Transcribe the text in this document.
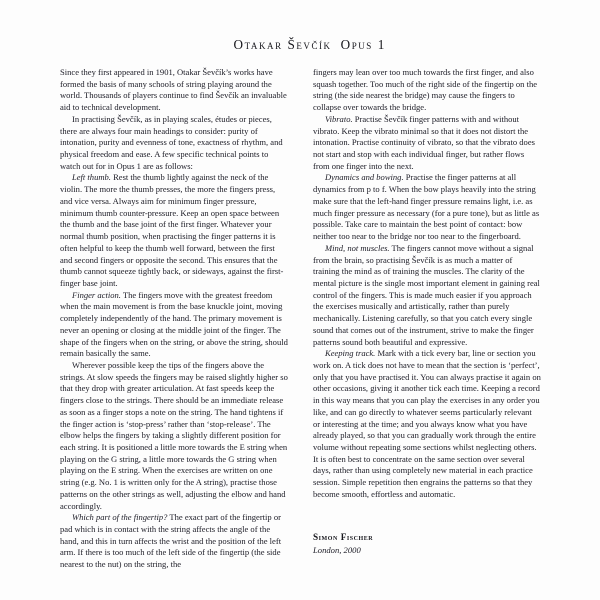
Otakar Ševčík Opus 1

Since they first appeared in 1901, Otakar Ševčík’s works have formed the basis of many schools of string playing around the world. Thousands of players continue to find Ševčík an invaluable aid to technical development.

In practising Ševčík, as in playing scales, études or pieces, there are always four main headings to consider: purity of intonation, purity and evenness of tone, exactness of rhythm, and physical freedom and ease. A few specific technical points to watch out for in Opus 1 are as follows:

Left thumb. Rest the thumb lightly against the neck of the violin. The more the thumb presses, the more the fingers press, and vice versa. Always aim for minimum finger pressure, minimum thumb counter-pressure. Keep an open space between the thumb and the base joint of the first finger. Whatever your normal thumb position, when practising the finger patterns it is often helpful to keep the thumb well forward, between the first and second fingers or opposite the second. This ensures that the thumb cannot squeeze tightly back, or sideways, against the first-finger base joint.

Finger action. The fingers move with the greatest freedom when the main movement is from the base knuckle joint, moving completely independently of the hand. The primary movement is never an opening or closing at the middle joint of the finger. The shape of the fingers when on the string, or above the string, should remain basically the same.

Wherever possible keep the tips of the fingers above the strings. At slow speeds the fingers may be raised slightly higher so that they drop with greater articulation. At fast speeds keep the fingers close to the strings. There should be an immediate release as soon as a finger stops a note on the string. The hand tightens if the finger action is ‘stop-press’ rather than ‘stop-release’. The elbow helps the fingers by taking a slightly different position for each string. It is positioned a little more towards the E string when playing on the G string, a little more towards the G string when playing on the E string. When the exercises are written on one string (e.g. No. 1 is written only for the A string), practise those patterns on the other strings as well, adjusting the elbow and hand accordingly.

Which part of the fingertip? The exact part of the fingertip or pad which is in contact with the string affects the angle of the hand, and this in turn affects the wrist and the position of the left arm. If there is too much of the left side of the fingertip (the side nearest to the nut) on the string, the

fingers may lean over too much towards the first finger, and also squash together. Too much of the right side of the fingertip on the string (the side nearest the bridge) may cause the fingers to collapse over towards the bridge.

Vibrato. Practise Ševčík finger patterns with and without vibrato. Keep the vibrato minimal so that it does not distort the intonation. Practise continuity of vibrato, so that the vibrato does not start and stop with each individual finger, but rather flows from one finger into the next.

Dynamics and bowing. Practise the finger patterns at all dynamics from p to f. When the bow plays heavily into the string make sure that the left-hand finger pressure remains light, i.e. as much finger pressure as necessary (for a pure tone), but as little as possible. Take care to maintain the best point of contact: bow neither too near to the bridge nor too near to the fingerboard.

Mind, not muscles. The fingers cannot move without a signal from the brain, so practising Ševčík is as much a matter of training the mind as of training the muscles. The clarity of the mental picture is the single most important element in gaining real control of the fingers. This is made much easier if you approach the exercises musically and artistically, rather than purely mechanically. Listening carefully, so that you catch every single sound that comes out of the instrument, strive to make the finger patterns sound both beautiful and expressive.

Keeping track. Mark with a tick every bar, line or section you work on. A tick does not have to mean that the section is ‘perfect’, only that you have practised it. You can always practise it again on other occasions, giving it another tick each time. Keeping a record in this way means that you can play the exercises in any order you like, and can go directly to whatever seems particularly relevant or interesting at the time; and you always know what you have already played, so that you can gradually work through the entire volume without repeating some sections whilst neglecting others. It is often best to concentrate on the same section over several days, rather than using completely new material in each practice session. Simple repetition then engrains the patterns so that they become smooth, effortless and automatic.

Simon Fischer
London, 2000
